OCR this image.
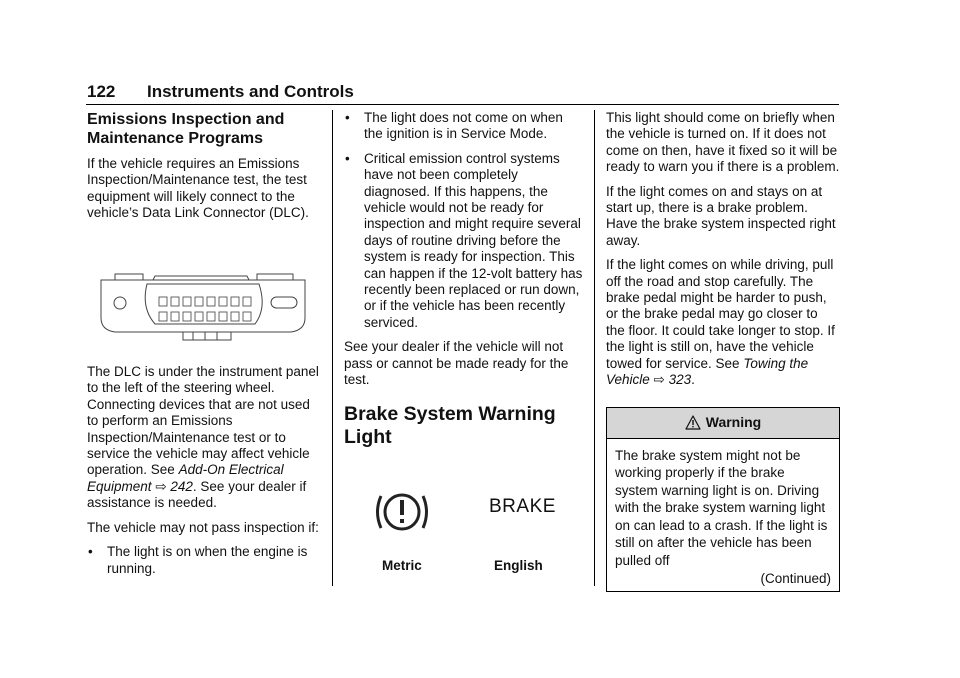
122 Instruments and Controls
Emissions Inspection and Maintenance Programs

If the vehicle requires an Emissions Inspection/Maintenance test, the test equipment will likely connect to the vehicle’s Data Link Connector (DLC).

The DLC is under the instrument panel to the left of the steering wheel. Connecting devices that are not used to perform an Emissions Inspection/Maintenance test or to service the vehicle may affect vehicle operation. See Add-On Electrical Equipment ⇨ 242. See your dealer if assistance is needed.

The vehicle may not pass inspection if:

• The light is on when the engine is running.
• The light does not come on when the ignition is in Service Mode.
• Critical emission control systems have not been completely diagnosed. If this happens, the vehicle would not be ready for inspection and might require several days of routine driving before the system is ready for inspection. This can happen if the 12-volt battery has recently been replaced or run down, or if the vehicle has been recently serviced.

See your dealer if the vehicle will not pass or cannot be made ready for the test.

Brake System Warning Light
BRAKE
Metric	English

This light should come on briefly when the vehicle is turned on. If it does not come on then, have it fixed so it will be ready to warn you if there is a problem.

If the light comes on and stays on at start up, there is a brake problem. Have the brake system inspected right away.

If the light comes on while driving, pull off the road and stop carefully. The brake pedal might be harder to push, or the brake pedal may go closer to the floor. It could take longer to stop. If the light is still on, have the vehicle towed for service. See Towing the Vehicle ⇨ 323.

Warning
The brake system might not be working properly if the brake system warning light is on. Driving with the brake system warning light on can lead to a crash. If the light is still on after the vehicle has been pulled off
(Continued)
